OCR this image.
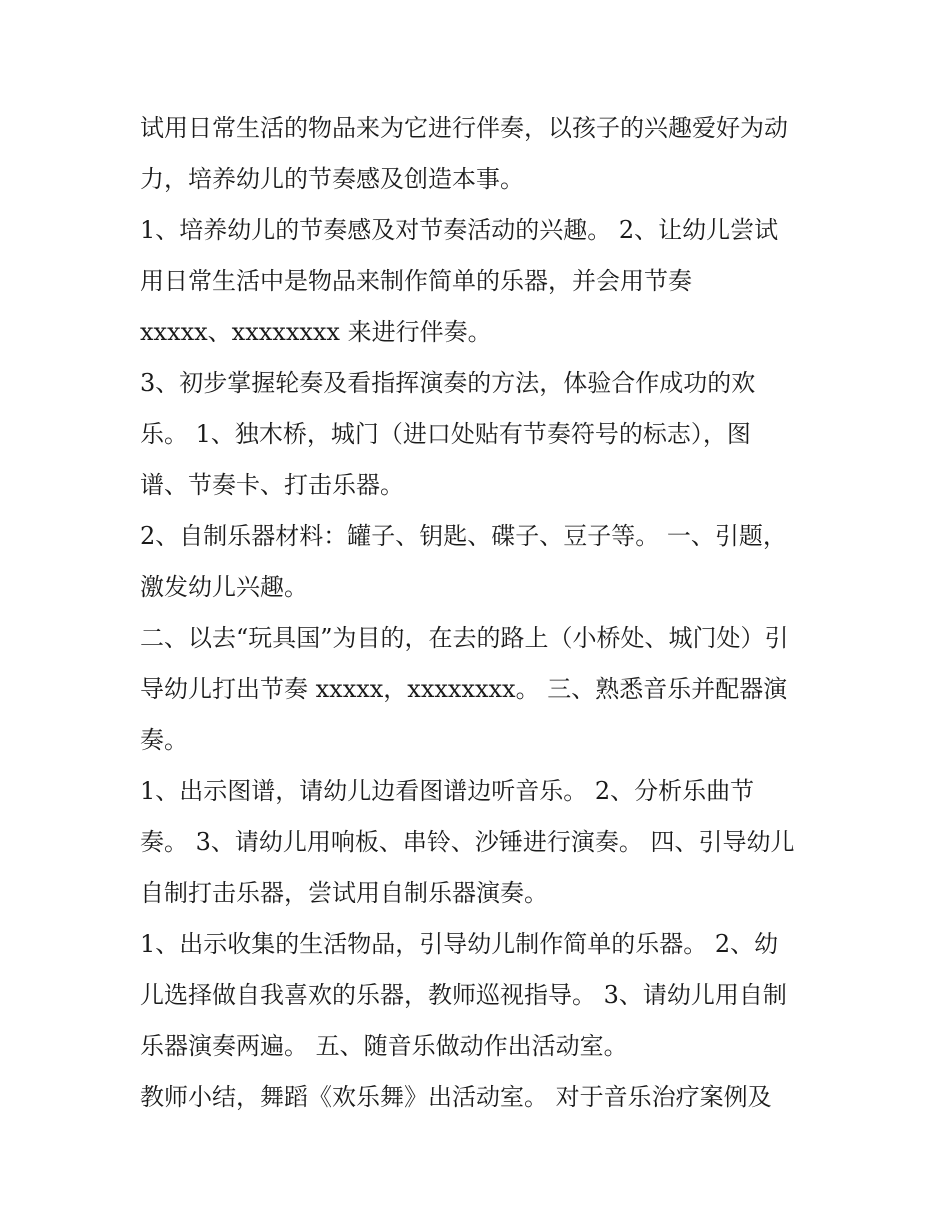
试用日常生活的物品来为它进行伴奏，以孩子的兴趣爱好为动
力，培养幼儿的节奏感及创造本事。
1、培养幼儿的节奏感及对节奏活动的兴趣。 2、让幼儿尝试
用日常生活中是物品来制作简单的乐器，并会用节奏
xxxxx、xxxxxxxx 来进行伴奏。
3、初步掌握轮奏及看指挥演奏的方法，体验合作成功的欢
乐。 1、独木桥，城门（进口处贴有节奏符号的标志），图
谱、节奏卡、打击乐器。
2、自制乐器材料：罐子、钥匙、碟子、豆子等。 一、引题，
激发幼儿兴趣。
二、以去“玩具国”为目的，在去的路上（小桥处、城门处）引
导幼儿打出节奏 xxxxx，xxxxxxxx。 三、熟悉音乐并配器演
奏。
1、出示图谱，请幼儿边看图谱边听音乐。 2、分析乐曲节
奏。 3、请幼儿用响板、串铃、沙锤进行演奏。 四、引导幼儿
自制打击乐器，尝试用自制乐器演奏。
1、出示收集的生活物品，引导幼儿制作简单的乐器。 2、幼
儿选择做自我喜欢的乐器，教师巡视指导。 3、请幼儿用自制
乐器演奏两遍。 五、随音乐做动作出活动室。
教师小结，舞蹈《欢乐舞》出活动室。 对于音乐治疗案例及
